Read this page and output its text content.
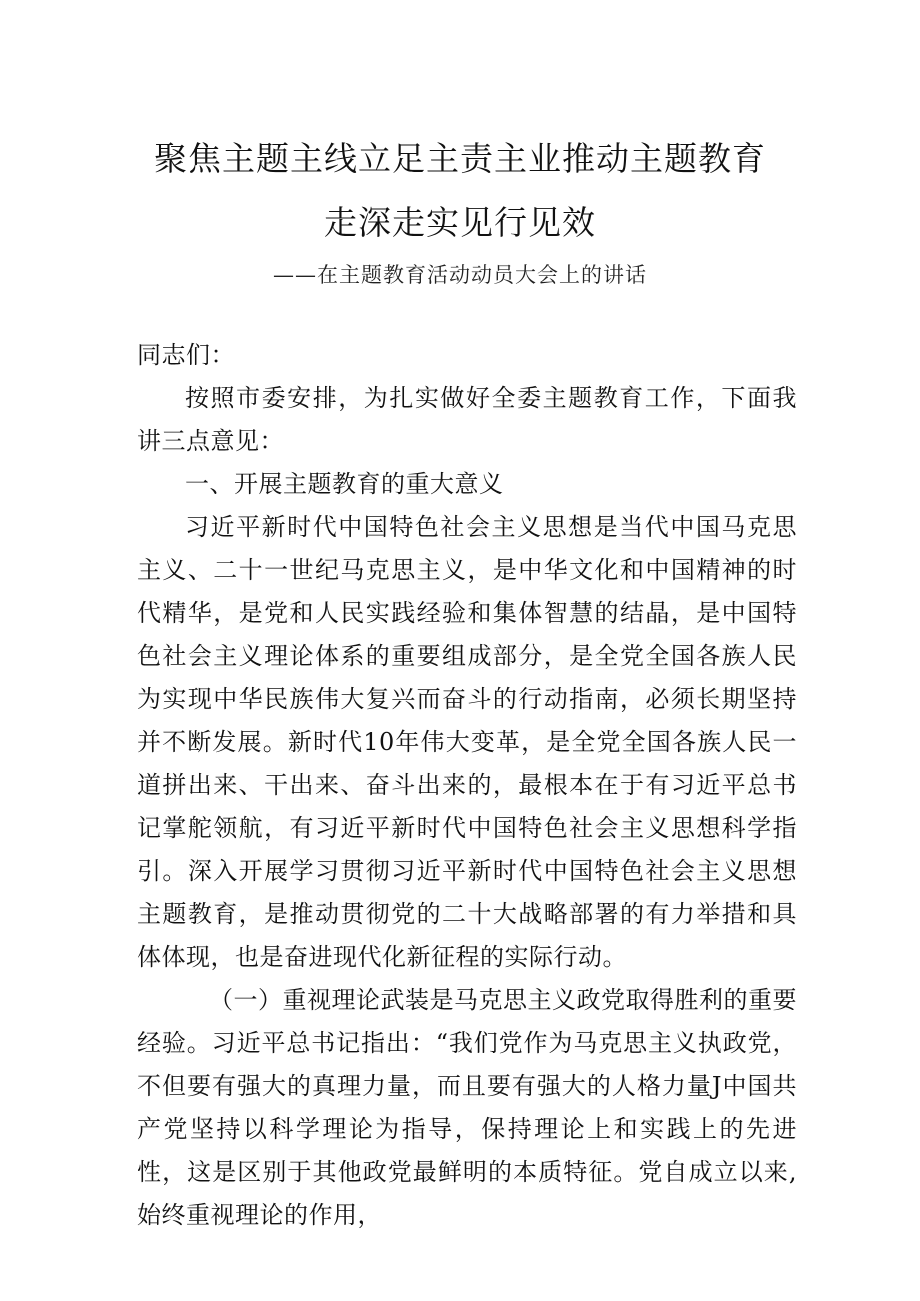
聚焦主题主线立足主责主业推动主题教育
走深走实见行见效
——在主题教育活动动员大会上的讲话

同志们：

按照市委安排，为扎实做好全委主题教育工作，下面我讲三点意见：

一、开展主题教育的重大意义

习近平新时代中国特色社会主义思想是当代中国马克思主义、二十一世纪马克思主义，是中华文化和中国精神的时代精华，是党和人民实践经验和集体智慧的结晶，是中国特色社会主义理论体系的重要组成部分，是全党全国各族人民为实现中华民族伟大复兴而奋斗的行动指南，必须长期坚持并不断发展。新时代10年伟大变革，是全党全国各族人民一道拼出来、干出来、奋斗出来的，最根本在于有习近平总书记掌舵领航，有习近平新时代中国特色社会主义思想科学指引。深入开展学习贯彻习近平新时代中国特色社会主义思想主题教育，是推动贯彻党的二十大战略部署的有力举措和具体体现，也是奋进现代化新征程的实际行动。

（一）重视理论武装是马克思主义政党取得胜利的重要经验。习近平总书记指出：“我们党作为马克思主义执政党，不但要有强大的真理力量，而且要有强大的人格力量J中国共产党坚持以科学理论为指导，保持理论上和实践上的先进性，这是区别于其他政党最鲜明的本质特征。党自成立以来,始终重视理论的作用，
